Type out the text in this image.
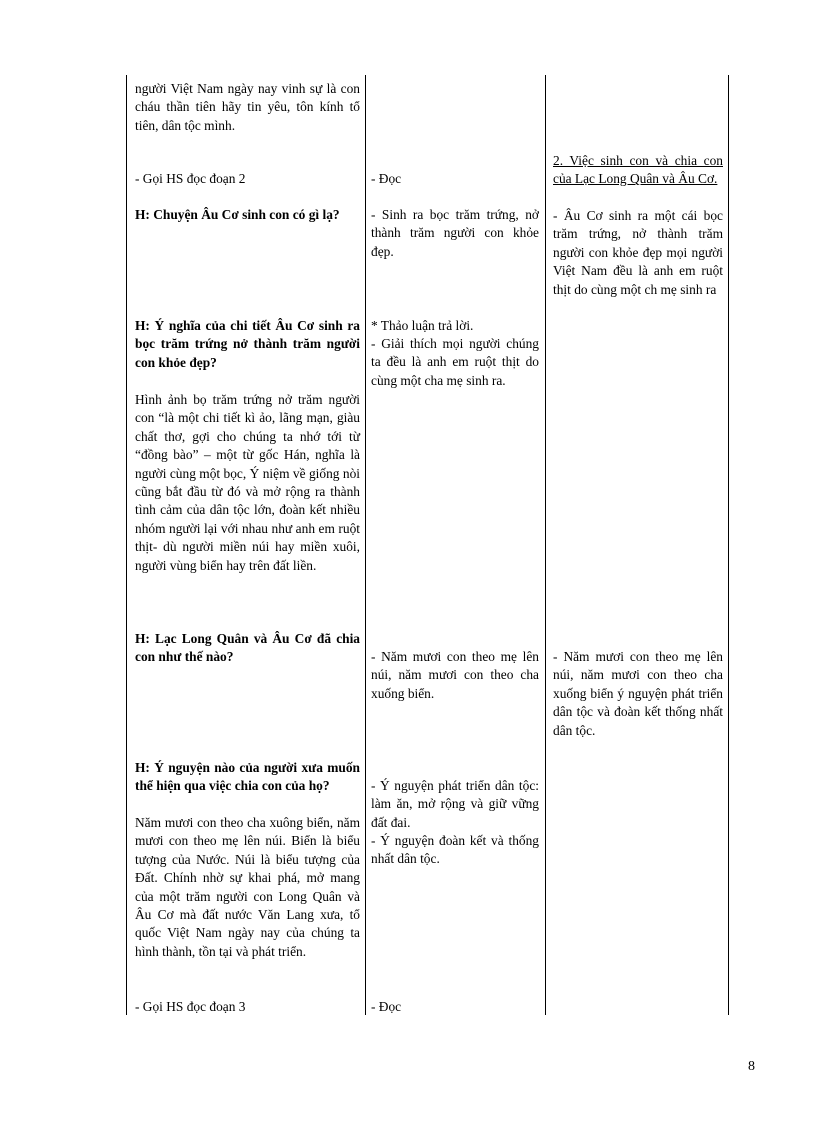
người Việt Nam ngày nay vinh sự là con cháu thần tiên hãy tin yêu, tôn kính tổ tiên, dân tộc mình.
- Gọi HS đọc đoạn 2
H: Chuyện Âu Cơ sinh con có gì lạ?
H: Ý nghĩa của chi tiết Âu Cơ sinh ra bọc trăm trứng nở thành trăm người con khỏe đẹp?
Hình ảnh bọ trăm trứng nở trăm người con “là một chi tiết kì ảo, lãng mạn, giàu chất thơ, gợi cho chúng ta nhớ tới từ “đồng bào” – một từ gốc Hán, nghĩa là người cùng một bọc, Ý niệm về giống nòi cũng bắt đầu từ đó và mở rộng ra thành tình cảm của dân tộc lớn, đoàn kết nhiều nhóm người lại với nhau như anh em ruột thịt- dù người miền núi hay miền xuôi, người vùng biển hay trên đất liền.
H: Lạc Long Quân và Âu Cơ đã chia con như thế nào?
H: Ý nguyện nào của người xưa muốn thể hiện qua việc chia con của họ?
Năm mươi con theo cha xuông biển, năm mươi con theo mẹ lên núi. Biển là biểu tượng của Nước. Núi là biểu tượng của Đất. Chính nhờ sự khai phá, mở mang của một trăm người con Long Quân và Âu Cơ mà đất nước Văn Lang xưa, tổ quốc Việt Nam ngày nay của chúng ta hình thành, tồn tại và phát triển.
- Gọi HS đọc đoạn 3
- Đọc
- Sinh ra bọc trăm trứng, nở thành trăm người con khỏe đẹp.
* Thảo luận trả lời.
- Giải thích mọi người chúng ta đều là anh em ruột thịt do cùng một cha mẹ sinh ra.
- Năm mươi con theo mẹ lên núi, năm mươi con theo cha xuống biển.
- Ý nguyện phát triển dân tộc: làm ăn, mở rộng và giữ vững đất đai.
- Ý nguyện đoàn kết và thống nhất dân tộc.
- Đọc
2. Việc sinh con và chia con của Lạc Long Quân và Âu Cơ.
- Âu Cơ sinh ra một cái bọc trăm trứng, nở thành trăm người con khỏe đẹp mọi người Việt Nam đều là anh em ruột thịt do cùng một ch mẹ sinh ra
- Năm mươi con theo mẹ lên núi, năm mươi con theo cha xuống biển ý nguyện phát triển dân tộc và đoàn kết thống nhất dân tộc.
8
